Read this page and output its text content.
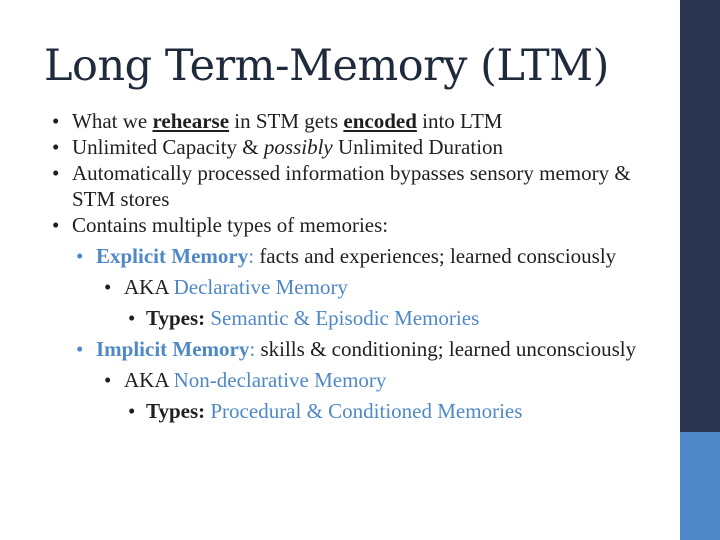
Long Term-Memory (LTM)
• What we rehearse in STM gets encoded into LTM
• Unlimited Capacity & possibly Unlimited Duration
• Automatically processed information bypasses sensory memory & STM stores
• Contains multiple types of memories:
• Explicit Memory: facts and experiences; learned consciously
• AKA Declarative Memory
• Types: Semantic & Episodic Memories
• Implicit Memory: skills & conditioning; learned unconsciously
• AKA Non-declarative Memory
• Types: Procedural & Conditioned Memories
